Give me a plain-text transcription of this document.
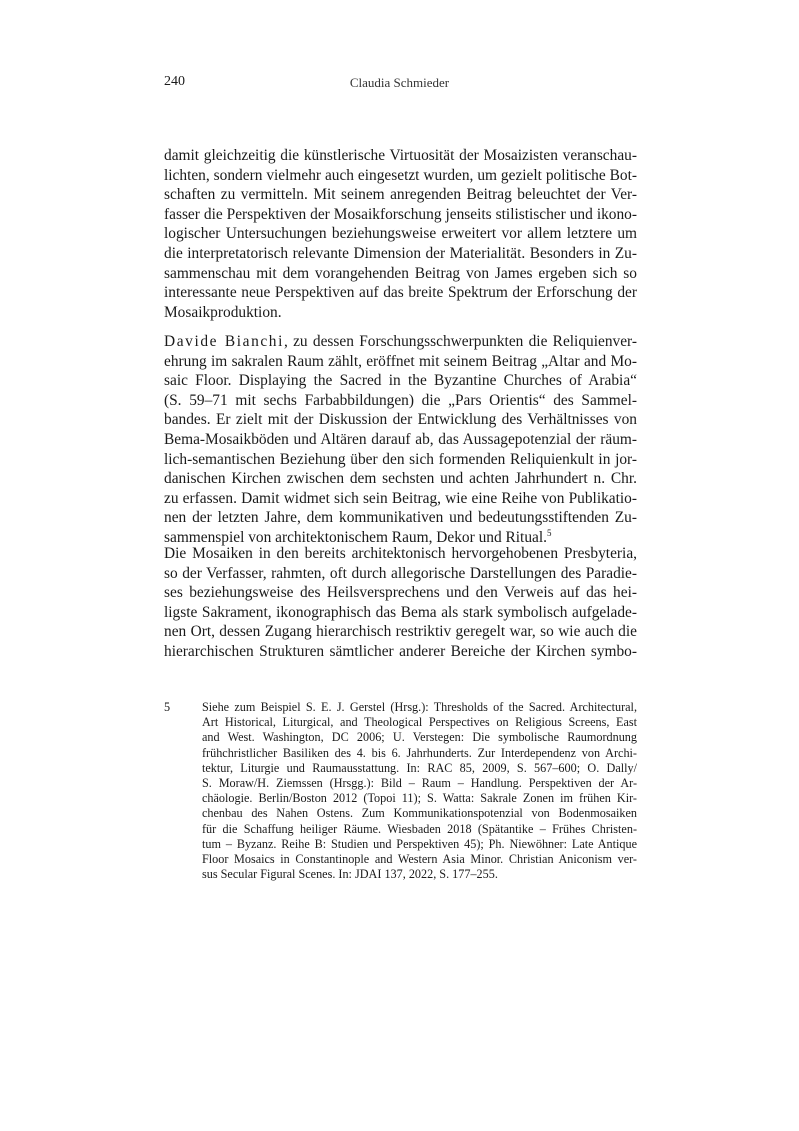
240	Claudia Schmieder
damit gleichzeitig die künstlerische Virtuosität der Mosaizisten veranschau-
lichten, sondern vielmehr auch eingesetzt wurden, um gezielt politische Bot-
schaften zu vermitteln. Mit seinem anregenden Beitrag beleuchtet der Ver-
fasser die Perspektiven der Mosaikforschung jenseits stilistischer und ikono-
logischer Untersuchungen beziehungsweise erweitert vor allem letztere um
die interpretatorisch relevante Dimension der Materialität. Besonders in Zu-
sammenschau mit dem vorangehenden Beitrag von James ergeben sich so
interessante neue Perspektiven auf das breite Spektrum der Erforschung der
Mosaikproduktion.
Davide Bianchi, zu dessen Forschungsschwerpunkten die Reliquienver-
ehrung im sakralen Raum zählt, eröffnet mit seinem Beitrag „Altar and Mo-
saic Floor. Displaying the Sacred in the Byzantine Churches of Arabia“
(S. 59–71 mit sechs Farbabbildungen) die „Pars Orientis“ des Sammel-
bandes. Er zielt mit der Diskussion der Entwicklung des Verhältnisses von
Bema-Mosaikböden und Altären darauf ab, das Aussagepotenzial der räum-
lich-semantischen Beziehung über den sich formenden Reliquienkult in jor-
danischen Kirchen zwischen dem sechsten und achten Jahrhundert n. Chr.
zu erfassen. Damit widmet sich sein Beitrag, wie eine Reihe von Publikatio-
nen der letzten Jahre, dem kommunikativen und bedeutungsstiftenden Zu-
sammenspiel von architektonischem Raum, Dekor und Ritual.$^5$
Die Mosaiken in den bereits architektonisch hervorgehobenen Presbyteria,
so der Verfasser, rahmten, oft durch allegorische Darstellungen des Paradie-
ses beziehungsweise des Heilsversprechens und den Verweis auf das hei-
ligste Sakrament, ikonographisch das Bema als stark symbolisch aufgelade-
nen Ort, dessen Zugang hierarchisch restriktiv geregelt war, so wie auch die
hierarchischen Strukturen sämtlicher anderer Bereiche der Kirchen symbo-
5	Siehe zum Beispiel S. E. J. Gerstel (Hrsg.): Thresholds of the Sacred. Architectural,
Art Historical, Liturgical, and Theological Perspectives on Religious Screens, East
and West. Washington, DC 2006; U. Verstegen: Die symbolische Raumordnung
frühchristlicher Basiliken des 4. bis 6. Jahrhunderts. Zur Interdependenz von Archi-
tektur, Liturgie und Raumausstattung. In: RAC 85, 2009, S. 567–600; O. Dally/
S. Moraw/H. Ziemssen (Hrsgg.): Bild – Raum – Handlung. Perspektiven der Ar-
chäologie. Berlin/Boston 2012 (Topoi 11); S. Watta: Sakrale Zonen im frühen Kir-
chenbau des Nahen Ostens. Zum Kommunikationspotenzial von Bodenmosaiken
für die Schaffung heiliger Räume. Wiesbaden 2018 (Spätantike – Frühes Christen-
tum – Byzanz. Reihe B: Studien und Perspektiven 45); Ph. Niewöhner: Late Antique
Floor Mosaics in Constantinople and Western Asia Minor. Christian Aniconism ver-
sus Secular Figural Scenes. In: JDAI 137, 2022, S. 177–255.
